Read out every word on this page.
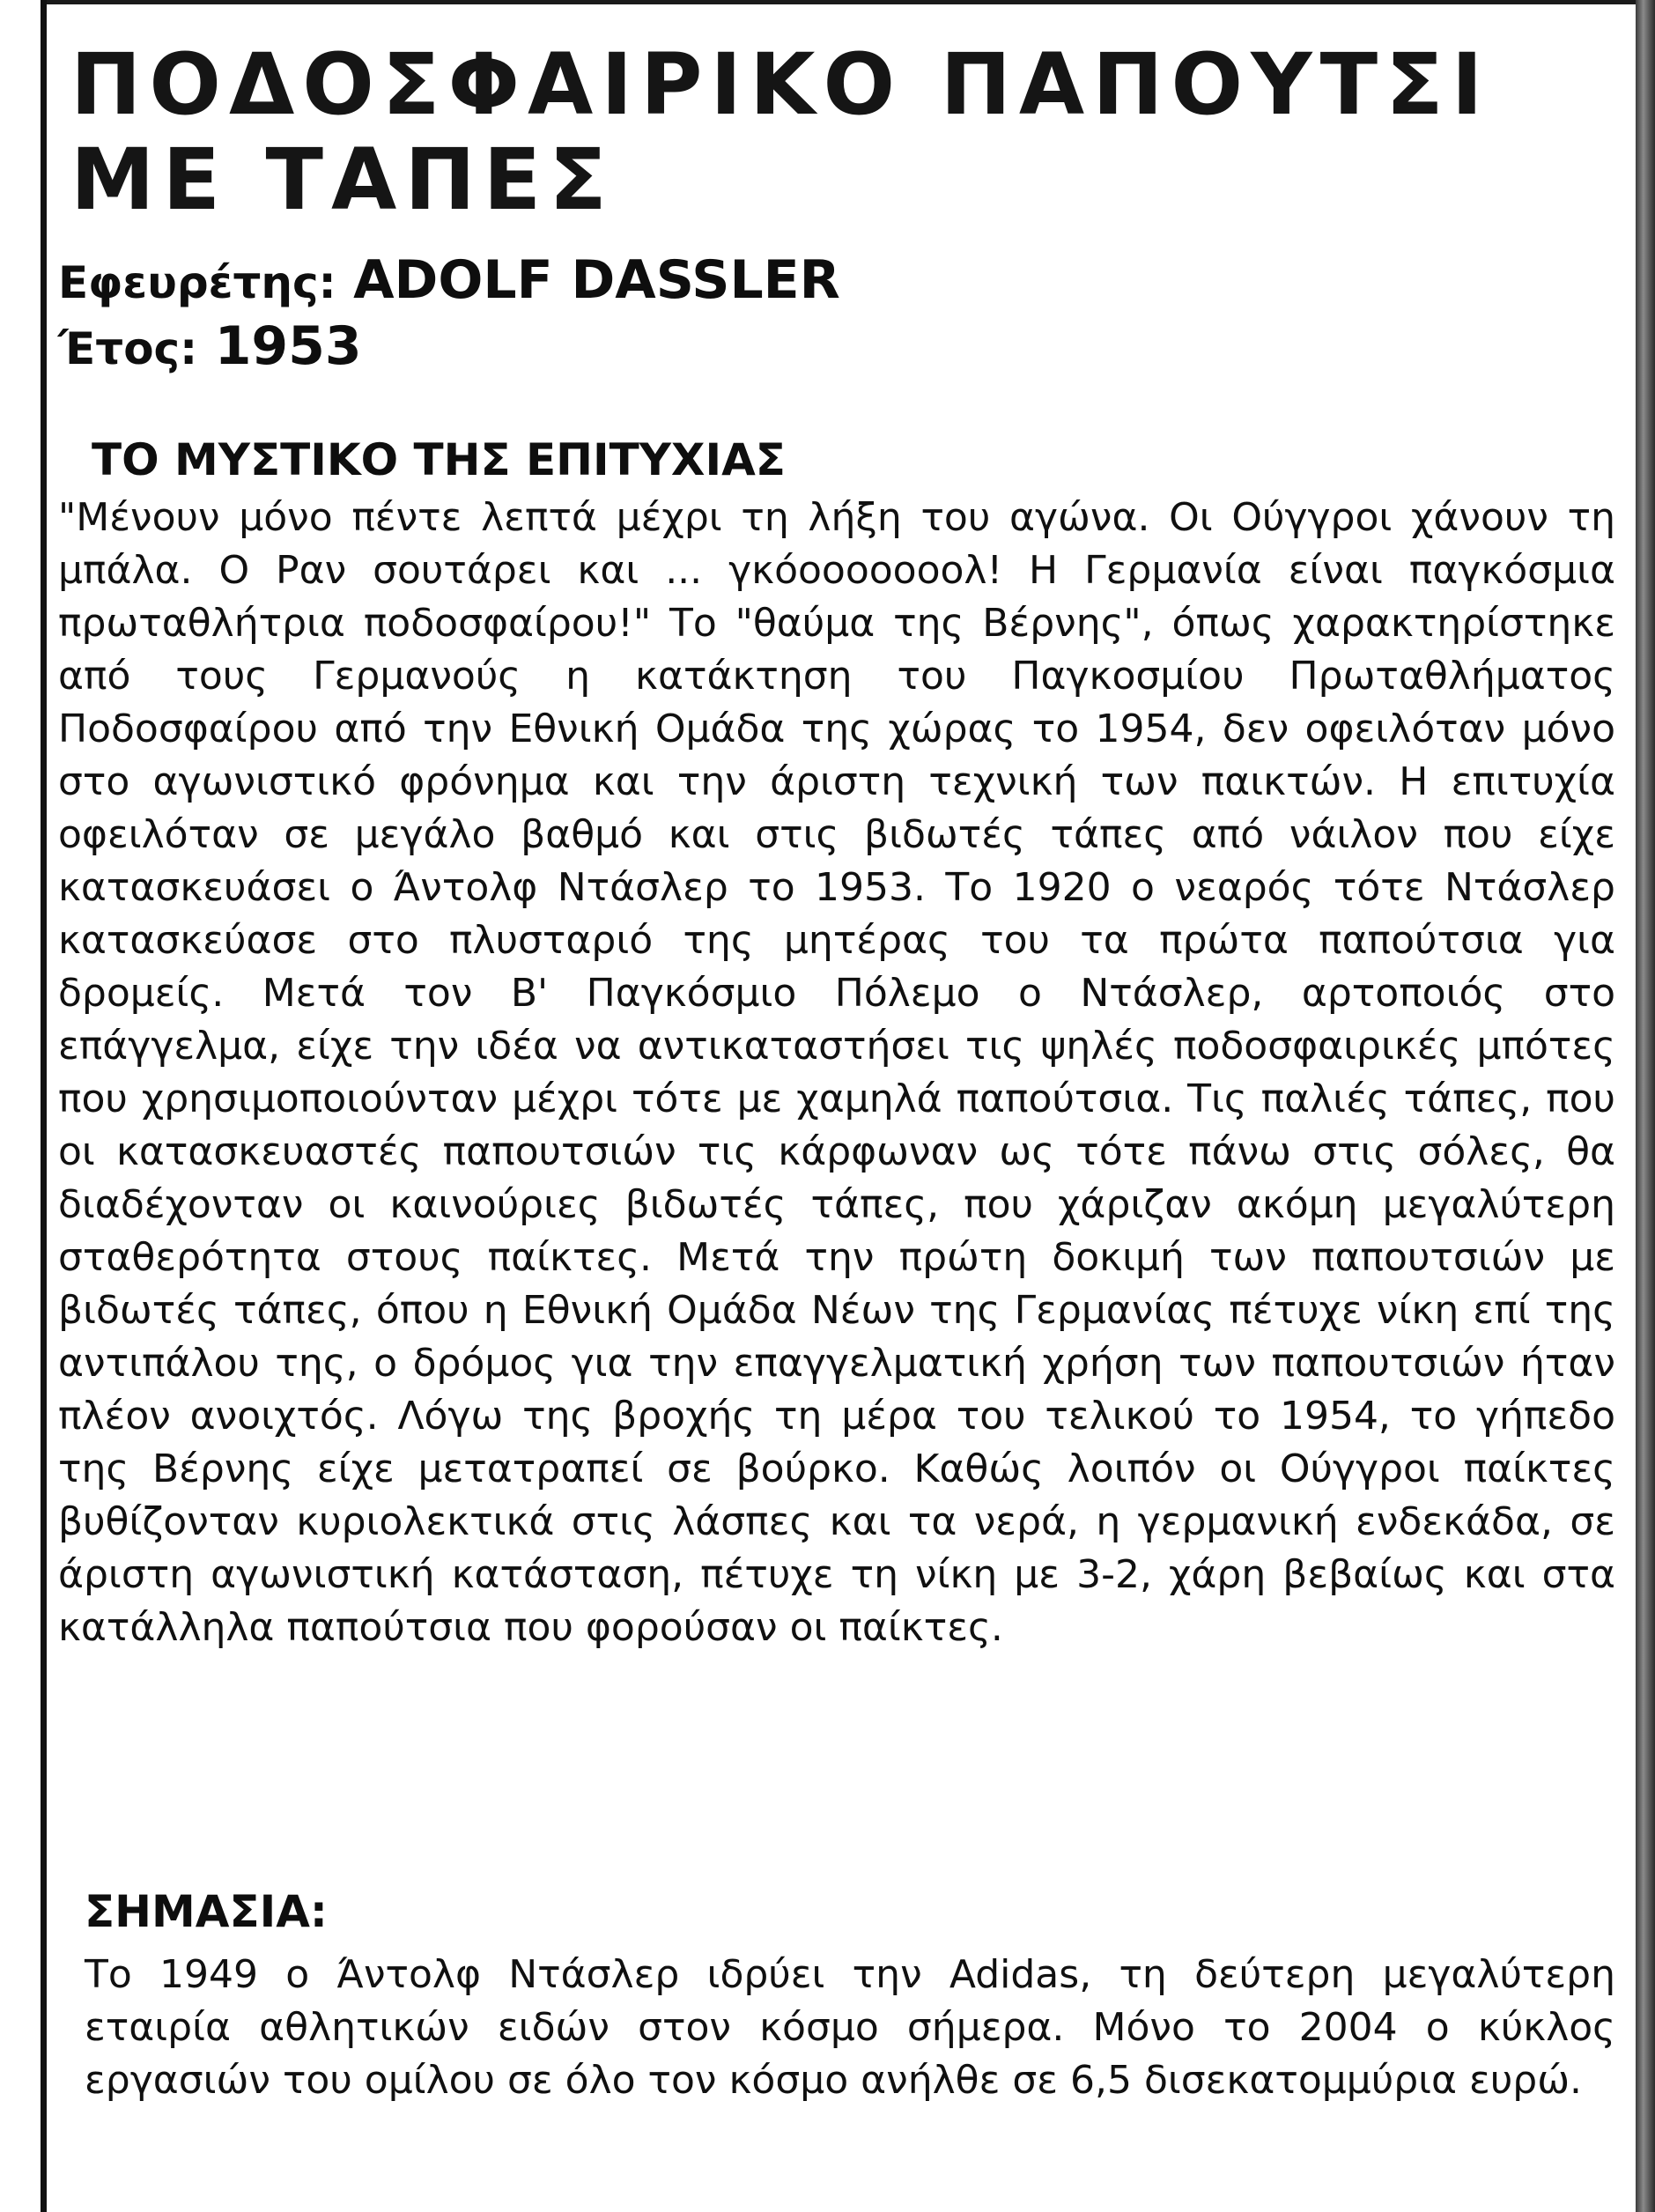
ΠΟΔΟΣΦΑΙΡΙΚΟ ΠΑΠΟΥΤΣΙ
ΜΕ ΤΑΠΕΣ
Εφευρέτης: ADOLF DASSLER
Έτος: 1953
ΤΟ ΜΥΣΤΙΚΟ ΤΗΣ ΕΠΙΤΥΧΙΑΣ

"Μένουν μόνο πέντε λεπτά μέχρι τη λήξη του αγώνα. Οι Ούγγροι χάνουν τη μπάλα. Ο Ραν σουτάρει και ... γκόοοοοοοολ! Η Γερμανία είναι παγκόσμια πρωταθλήτρια ποδοσφαίρου!" Το "θαύμα της Βέρνης", όπως χαρακτηρίστηκε από τους Γερμανούς η κατάκτηση του Παγκοσμίου Πρωταθλήματος Ποδοσφαίρου από την Εθνική Ομάδα της χώρας το 1954, δεν οφειλόταν μόνο στο αγωνιστικό φρόνημα και την άριστη τεχνική των παικτών. Η επιτυχία οφειλόταν σε μεγάλο βαθμό και στις βιδωτές τάπες από νάιλον που είχε κατασκευάσει ο Άντολφ Ντάσλερ το 1953. Το 1920 ο νεαρός τότε Ντάσλερ κατασκεύασε στο πλυσταριό της μητέρας του τα πρώτα παπούτσια για δρομείς. Μετά τον Β' Παγκόσμιο Πόλεμο ο Ντάσλερ, αρτοποιός στο επάγγελμα, είχε την ιδέα να αντικαταστήσει τις ψηλές ποδοσφαιρικές μπότες που χρησιμοποιούνταν μέχρι τότε με χαμηλά παπούτσια. Τις παλιές τάπες, που οι κατασκευαστές παπουτσιών τις κάρφωναν ως τότε πάνω στις σόλες, θα διαδέχονταν οι καινούριες βιδωτές τάπες, που χάριζαν ακόμη μεγαλύτερη σταθερότητα στους παίκτες. Μετά την πρώτη δοκιμή των παπουτσιών με βιδωτές τάπες, όπου η Εθνική Ομάδα Νέων της Γερμανίας πέτυχε νίκη επί της αντιπάλου της, ο δρόμος για την επαγγελματική χρήση των παπουτσιών ήταν πλέον ανοιχτός. Λόγω της βροχής τη μέρα του τελικού το 1954, το γήπεδο της Βέρνης είχε μετατραπεί σε βούρκο. Καθώς λοιπόν οι Ούγγροι παίκτες βυθίζονταν κυριολεκτικά στις λάσπες και τα νερά, η γερμανική ενδεκάδα, σε άριστη αγωνιστική κατάσταση, πέτυχε τη νίκη με 3-2, χάρη βεβαίως και στα κατάλληλα παπούτσια που φορούσαν οι παίκτες.

ΣΗΜΑΣΙΑ:

Το 1949 ο Άντολφ Ντάσλερ ιδρύει την Adidas, τη δεύτερη μεγαλύτερη εταιρία αθλητικών ειδών στον κόσμο σήμερα. Μόνο το 2004 ο κύκλος εργασιών του ομίλου σε όλο τον κόσμο ανήλθε σε 6,5 δισεκατομμύρια ευρώ.
